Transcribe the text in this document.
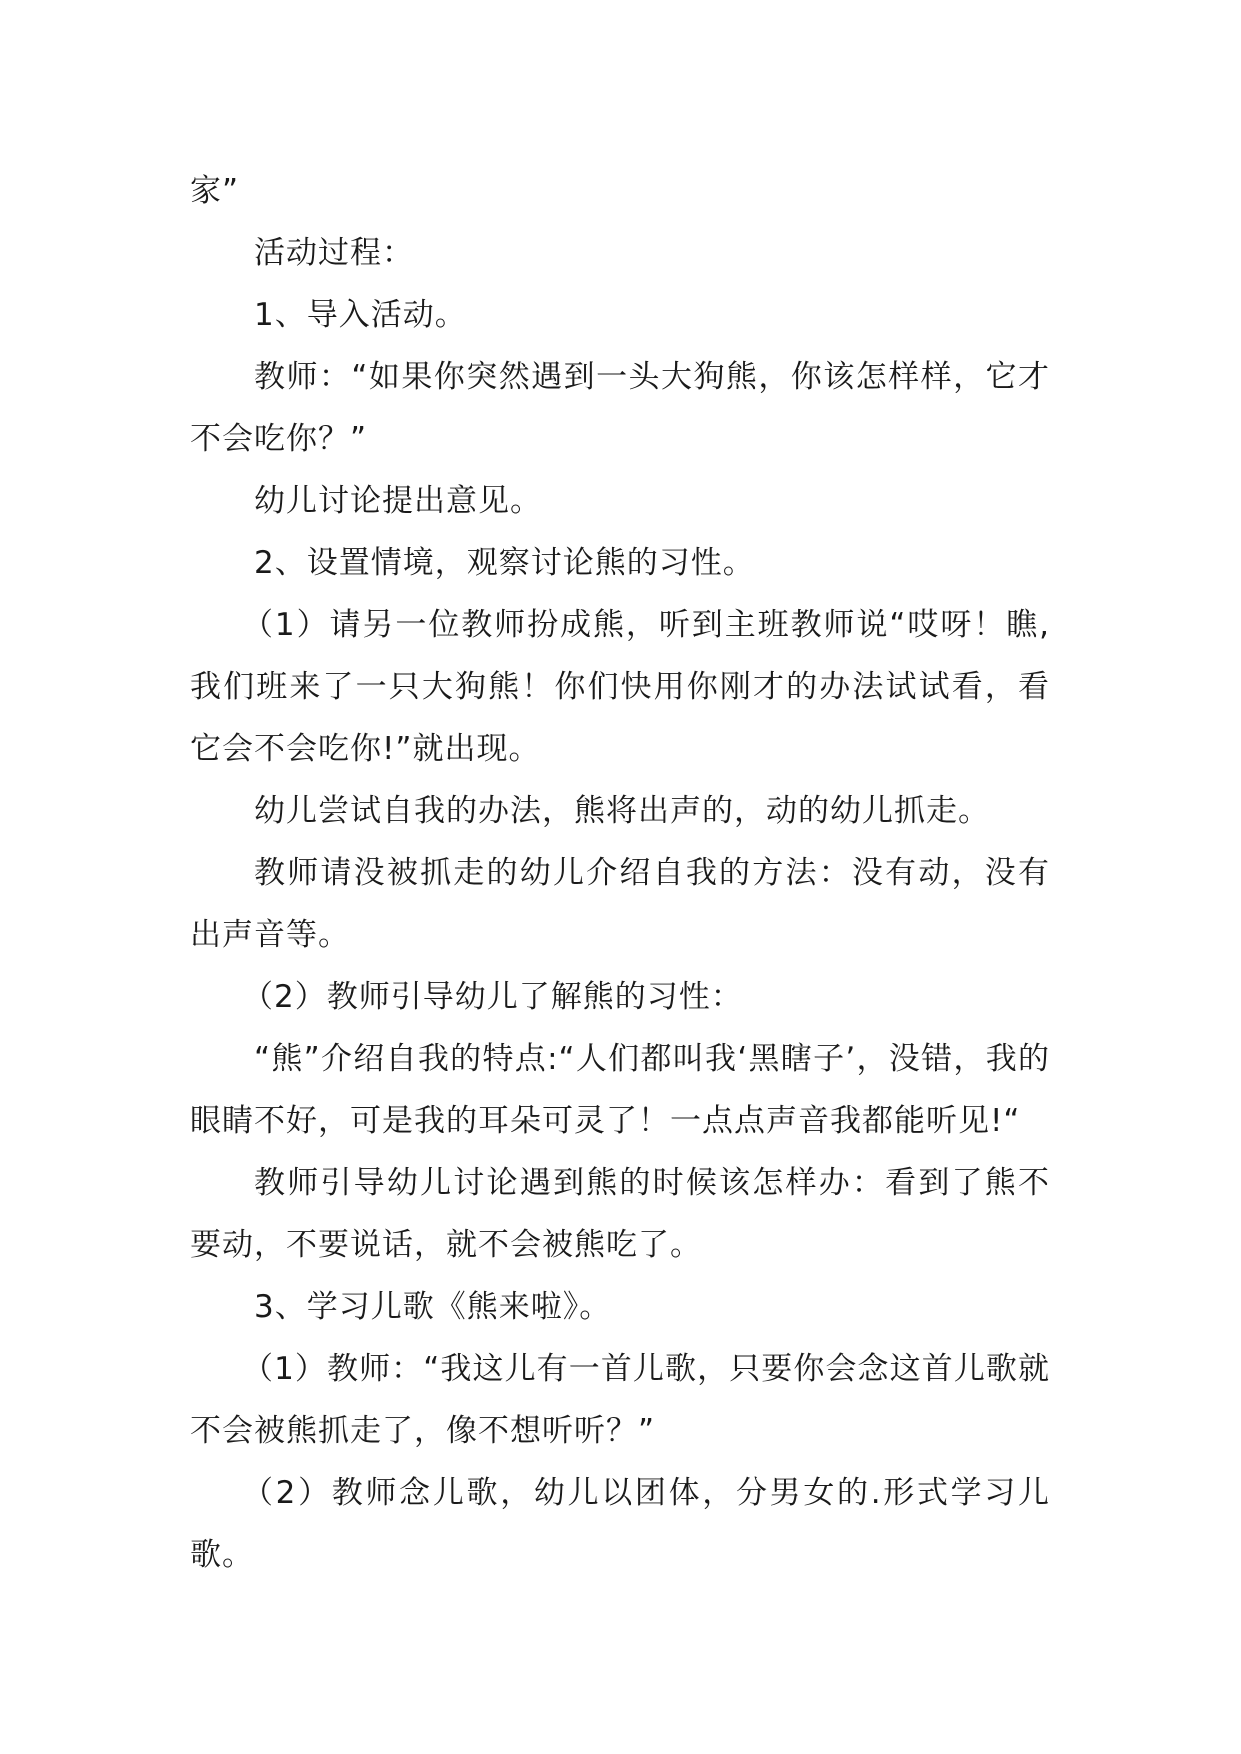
家”

活动过程：

1、导入活动。

教师：“如果你突然遇到一头大狗熊，你该怎样样，它才不会吃你？”

幼儿讨论提出意见。

2、设置情境，观察讨论熊的习性。

（1）请另一位教师扮成熊，听到主班教师说“哎呀！瞧,我们班来了一只大狗熊！你们快用你刚才的办法试试看，看它会不会吃你!”就出现。

幼儿尝试自我的办法，熊将出声的，动的幼儿抓走。

教师请没被抓走的幼儿介绍自我的方法：没有动，没有出声音等。

（2）教师引导幼儿了解熊的习性：

“熊”介绍自我的特点:“人们都叫我‘黑瞎子’，没错，我的眼睛不好，可是我的耳朵可灵了！一点点声音我都能听见!“

教师引导幼儿讨论遇到熊的时候该怎样办：看到了熊不要动，不要说话，就不会被熊吃了。

3、学习儿歌《熊来啦》。

（1）教师：“我这儿有一首儿歌，只要你会念这首儿歌就不会被熊抓走了，像不想听听？”

（2）教师念儿歌，幼儿以团体，分男女的.形式学习儿歌。
